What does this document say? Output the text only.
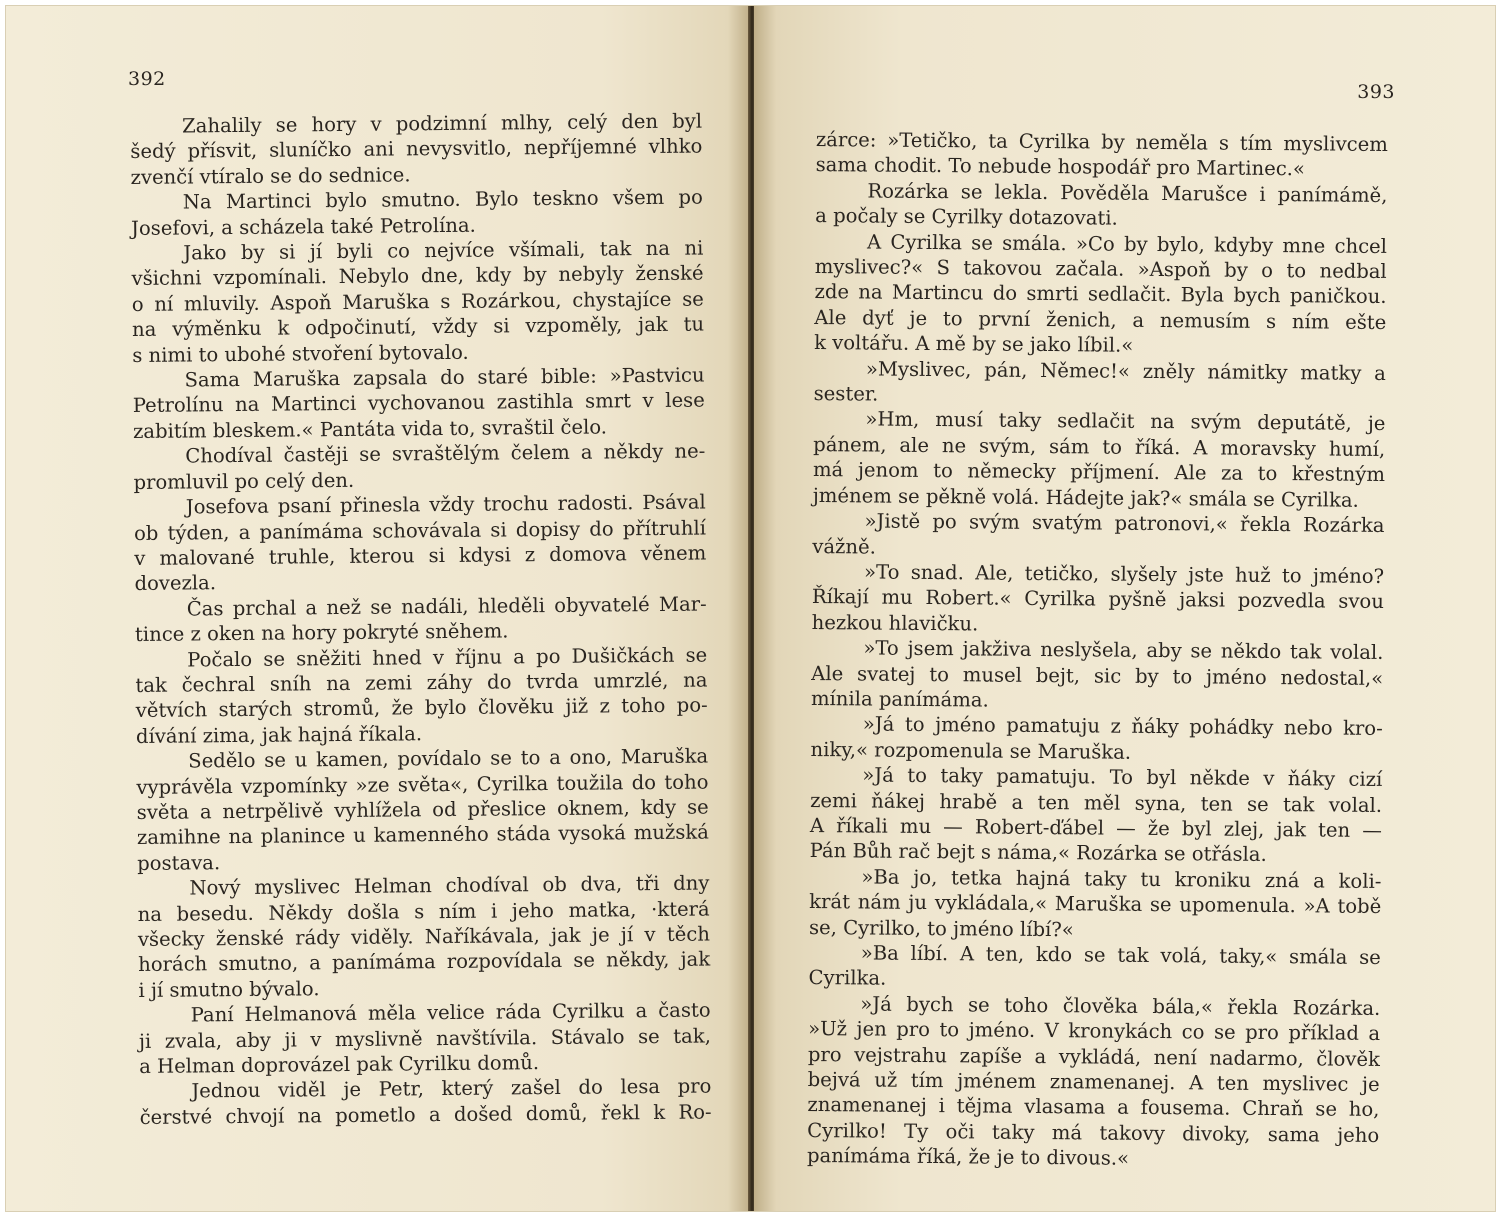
392
Zahalily se hory v podzimní mlhy, celý den byl
šedý přísvit, sluníčko ani nevysvitlo, nepříjemné vlhko
zvenčí vtíralo se do sednice.
Na Martinci bylo smutno. Bylo teskno všem po
Josefovi, a scházela také Petrolína.
Jako by si jí byli co nejvíce všímali, tak na ni
všichni vzpomínali. Nebylo dne, kdy by nebyly ženské
o ní mluvily. Aspoň Maruška s Rozárkou, chystajíce se
na výměnku k odpočinutí, vždy si vzpoměly, jak tu
s nimi to ubohé stvoření bytovalo.
Sama Maruška zapsala do staré bible: »Pastvicu
Petrolínu na Martinci vychovanou zastihla smrt v lese
zabitím bleskem.« Pantáta vida to, svraštil čelo.
Chodíval častěji se svraštělým čelem a někdy ne-
promluvil po celý den.
Josefova psaní přinesla vždy trochu radosti. Psával
ob týden, a panímáma schovávala si dopisy do přítruhlí
v malované truhle, kterou si kdysi z domova věnem
dovezla.
Čas prchal a než se nadáli, hleděli obyvatelé Mar-
tince z oken na hory pokryté sněhem.
Počalo se sněžiti hned v říjnu a po Dušičkách se
tak čechral sníh na zemi záhy do tvrda umrzlé, na
větvích starých stromů, že bylo člověku již z toho po-
dívání zima, jak hajná říkala.
Sedělo se u kamen, povídalo se to a ono, Maruška
vyprávěla vzpomínky »ze světa«, Cyrilka toužila do toho
světa a netrpělivě vyhlížela od přeslice oknem, kdy se
zamihne na planince u kamenného stáda vysoká mužská
postava.
Nový myslivec Helman chodíval ob dva, tři dny
na besedu. Někdy došla s ním i jeho matka, ·která
všecky ženské rády viděly. Naříkávala, jak je jí v těch
horách smutno, a panímáma rozpovídala se někdy, jak
i jí smutno bývalo.
Paní Helmanová měla velice ráda Cyrilku a často
ji zvala, aby ji v myslivně navštívila. Stávalo se tak,
a Helman doprovázel pak Cyrilku domů.
Jednou viděl je Petr, který zašel do lesa pro
čerstvé chvojí na pometlo a došed domů, řekl k Ro-
393
zárce: »Tetičko, ta Cyrilka by neměla s tím myslivcem
sama chodit. To nebude hospodář pro Martinec.«
Rozárka se lekla. Pověděla Marušce i panímámě,
a počaly se Cyrilky dotazovati.
A Cyrilka se smála. »Co by bylo, kdyby mne chcel
myslivec?« S takovou začala. »Aspoň by o to nedbal
zde na Martincu do smrti sedlačit. Byla bych paničkou.
Ale dyť je to první ženich, a nemusím s ním ešte
k voltářu. A mě by se jako líbil.«
»Myslivec, pán, Němec!« zněly námitky matky a
sester.
»Hm, musí taky sedlačit na svým deputátě, je
pánem, ale ne svým, sám to říká. A moravsky humí,
má jenom to německy příjmení. Ale za to křestným
jménem se pěkně volá. Hádejte jak?« smála se Cyrilka.
»Jistě po svým svatým patronovi,« řekla Rozárka
vážně.
»To snad. Ale, tetičko, slyšely jste huž to jméno?
Říkají mu Robert.« Cyrilka pyšně jaksi pozvedla svou
hezkou hlavičku.
»To jsem jakživa neslyšela, aby se někdo tak volal.
Ale svatej to musel bejt, sic by to jméno nedostal,«
mínila panímáma.
»Já to jméno pamatuju z ňáky pohádky nebo kro-
niky,« rozpomenula se Maruška.
»Já to taky pamatuju. To byl někde v ňáky cizí
zemi ňákej hrabě a ten měl syna, ten se tak volal.
A říkali mu — Robert-ďábel — že byl zlej, jak ten —
Pán Bůh rač bejt s náma,« Rozárka se otřásla.
»Ba jo, tetka hajná taky tu kroniku zná a koli-
krát nám ju vykládala,« Maruška se upomenula. »A tobě
se, Cyrilko, to jméno líbí?«
»Ba líbí. A ten, kdo se tak volá, taky,« smála se
Cyrilka.
»Já bych se toho člověka bála,« řekla Rozárka.
»Už jen pro to jméno. V kronykách co se pro příklad a
pro vejstrahu zapíše a vykládá, není nadarmo, člověk
bejvá už tím jménem znamenanej. A ten myslivec je
znamenanej i tějma vlasama a fousema. Chraň se ho,
Cyrilko! Ty oči taky má takovy divoky, sama jeho
panímáma říká, že je to divous.«
